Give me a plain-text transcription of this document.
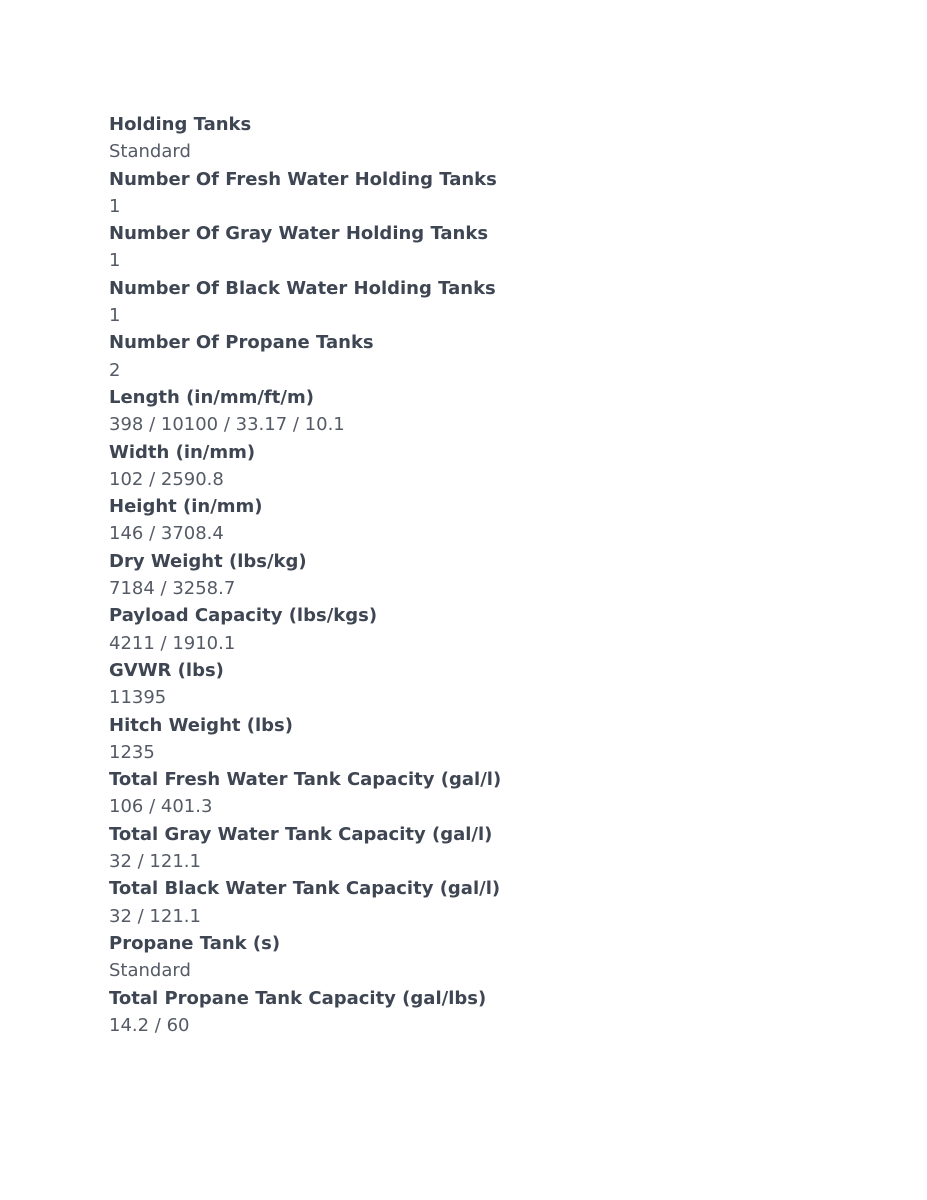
Holding Tanks
Standard
Number Of Fresh Water Holding Tanks
1
Number Of Gray Water Holding Tanks
1
Number Of Black Water Holding Tanks
1
Number Of Propane Tanks
2
Length (in/mm/ft/m)
398 / 10100 / 33.17 / 10.1
Width (in/mm)
102 / 2590.8
Height (in/mm)
146 / 3708.4
Dry Weight (lbs/kg)
7184 / 3258.7
Payload Capacity (lbs/kgs)
4211 / 1910.1
GVWR (lbs)
11395
Hitch Weight (lbs)
1235
Total Fresh Water Tank Capacity (gal/l)
106 / 401.3
Total Gray Water Tank Capacity (gal/l)
32 / 121.1
Total Black Water Tank Capacity (gal/l)
32 / 121.1
Propane Tank (s)
Standard
Total Propane Tank Capacity (gal/lbs)
14.2 / 60
